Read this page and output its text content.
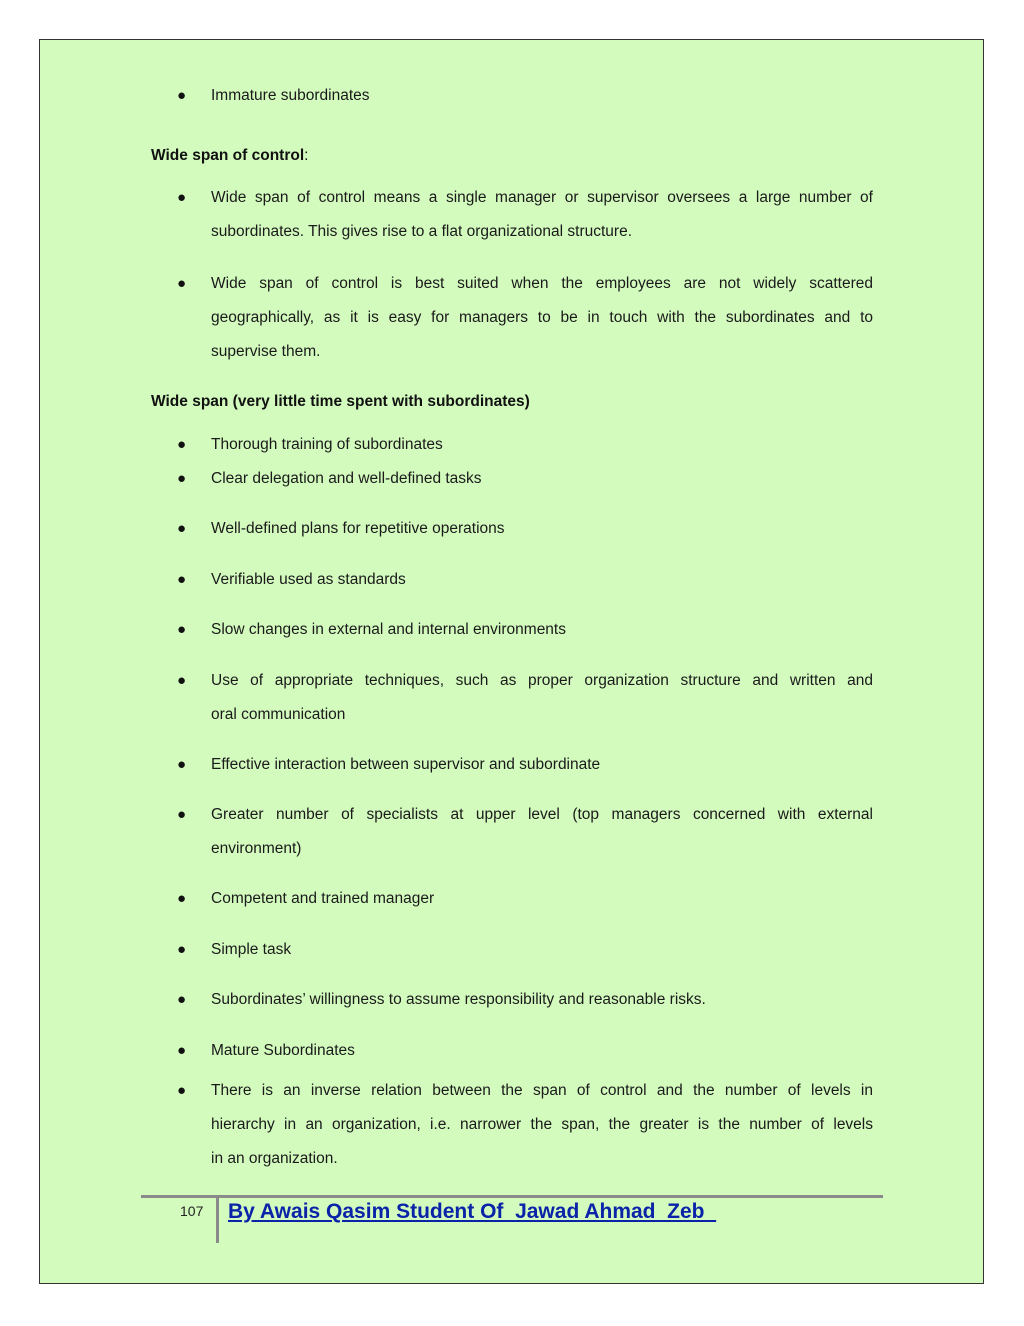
● Immature subordinates
Wide span of control:
● Wide span of control means a single manager or supervisor oversees a large number of
subordinates. This gives rise to a flat organizational structure.
● Wide span of control is best suited when the employees are not widely scattered
geographically, as it is easy for managers to be in touch with the subordinates and to
supervise them.
Wide span (very little time spent with subordinates)
● Thorough training of subordinates
● Clear delegation and well-defined tasks
● Well-defined plans for repetitive operations
● Verifiable used as standards
● Slow changes in external and internal environments
● Use of appropriate techniques, such as proper organization structure and written and
oral communication
● Effective interaction between supervisor and subordinate
● Greater number of specialists at upper level (top managers concerned with external
environment)
● Competent and trained manager
● Simple task
● Subordinates’ willingness to assume responsibility and reasonable risks.
● Mature Subordinates
● There is an inverse relation between the span of control and the number of levels in
hierarchy in an organization, i.e. narrower the span, the greater is the number of levels
in an organization.
107 By Awais Qasim Student Of  Jawad Ahmad  Zeb
